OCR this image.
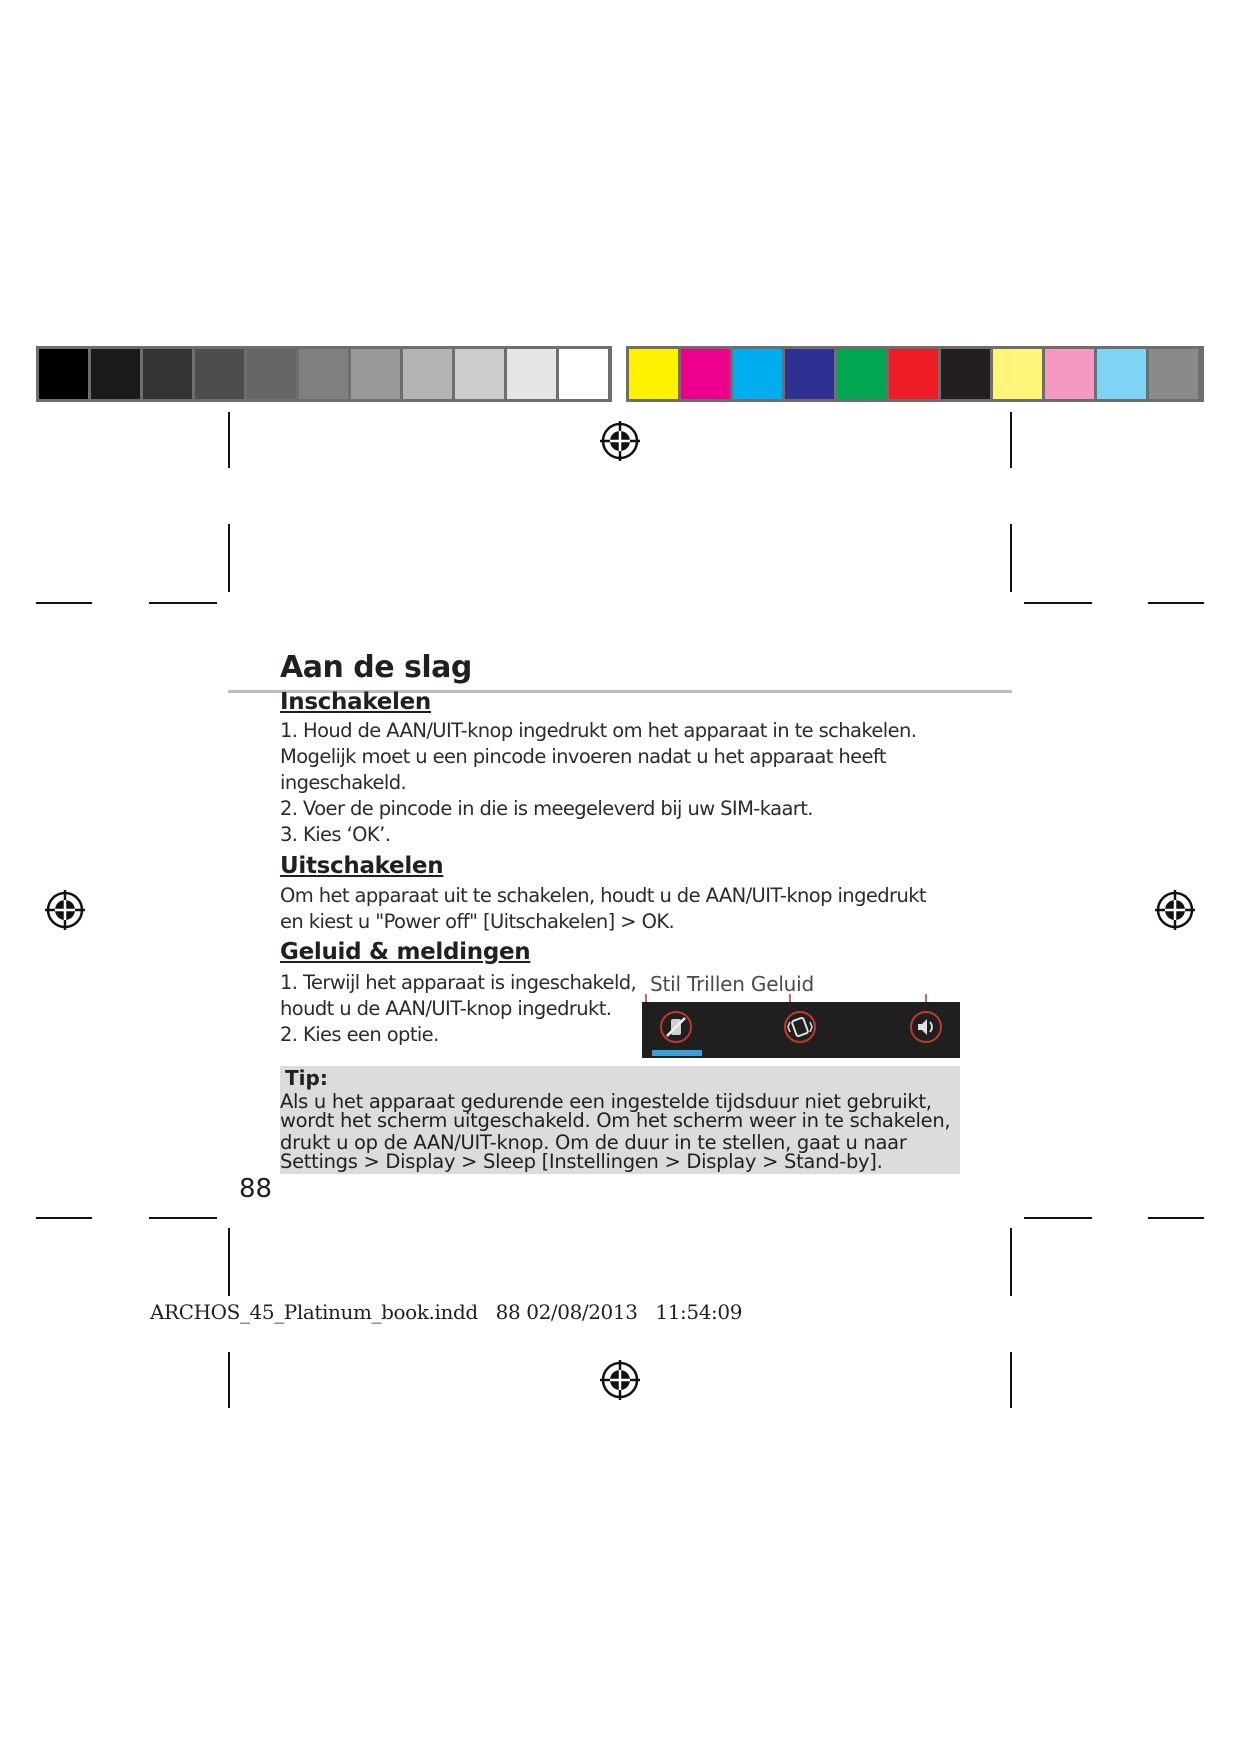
Aan de slag
Inschakelen
1. Houd de AAN/UIT-knop ingedrukt om het apparaat in te schakelen.
Mogelijk moet u een pincode invoeren nadat u het apparaat heeft
ingeschakeld.
2. Voer de pincode in die is meegeleverd bij uw SIM-kaart.
3. Kies ‘OK’.
Uitschakelen
Om het apparaat uit te schakelen, houdt u de AAN/UIT-knop ingedrukt
en kiest u "Power off" [Uitschakelen] > OK.
Geluid & meldingen
1. Terwijl het apparaat is ingeschakeld,
houdt u de AAN/UIT-knop ingedrukt.
2. Kies een optie.
Stil Trillen Geluid
Tip:
Als u het apparaat gedurende een ingestelde tijdsduur niet gebruikt,
wordt het scherm uitgeschakeld. Om het scherm weer in te schakelen,
drukt u op de AAN/UIT-knop. Om de duur in te stellen, gaat u naar
Settings > Display > Sleep [Instellingen > Display > Stand-by].
88
ARCHOS_45_Platinum_book.indd   88 02/08/2013   11:54:09
